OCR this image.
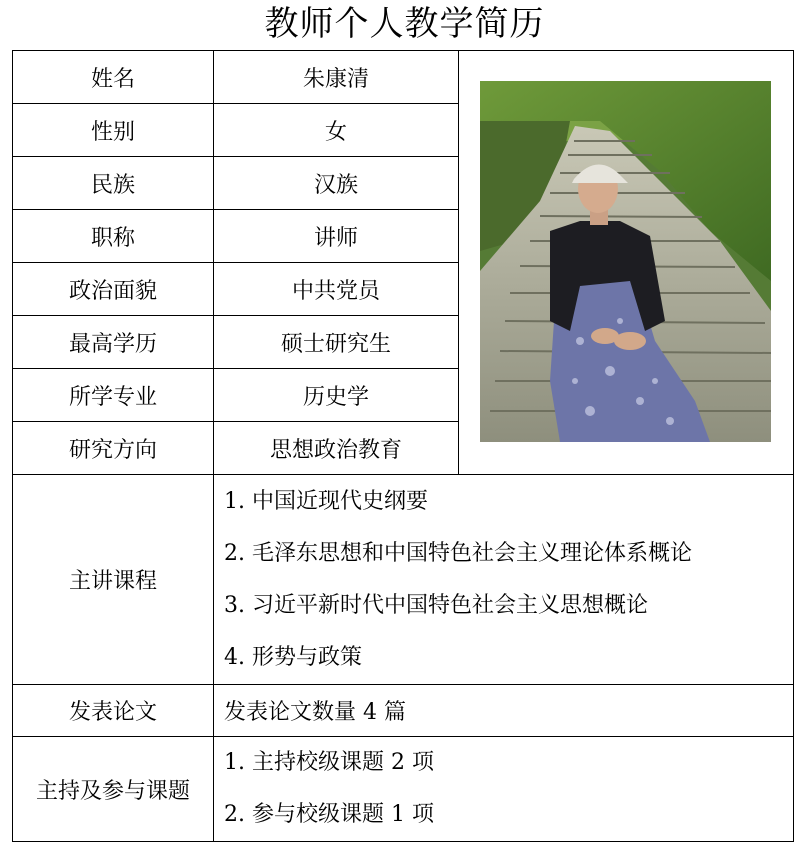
教师个人教学简历
姓名	朱康清	

性别	女	
民族	汉族	
职称	讲师	
政治面貌	中共党员	
最高学历	硕士研究生	
所学专业	历史学	
研究方向	思想政治教育	
主讲课程	1. 中国近现代史纲要
2. 毛泽东思想和中国特色社会主义理论体系概论
3. 习近平新时代中国特色社会主义思想概论
4. 形势与政策	

发表论文	发表论文数量 4 篇	
主持及参与课题	1. 主持校级课题 2 项
2. 参与校级课题 1 项	
